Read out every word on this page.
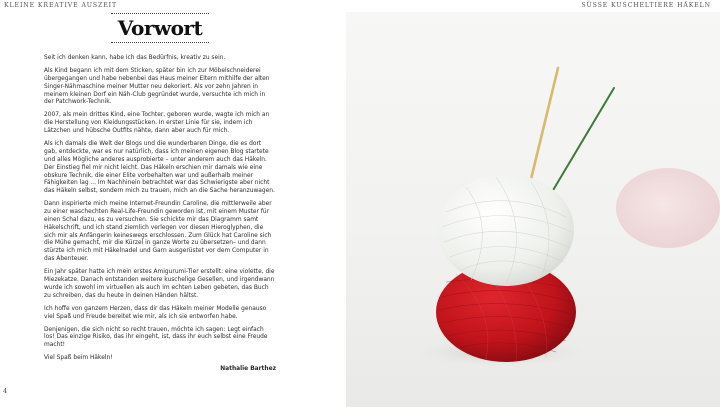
KLEINE KREATIVE AUSZEIT	SÜSSE KUSCHELTIERE HÄKELN
Vorwort

Seit ich denken kann, habe ich das Bedürfnis, kreativ zu sein.

Als Kind begann ich mit dem Sticken, später bin ich zur Möbelschneiderei übergegangen und habe nebenbei das Haus meiner Eltern mithilfe der alten Singer-Nähmaschine meiner Mutter neu dekoriert. Als vor zehn Jahren in meinem kleinen Dorf ein Näh-Club gegründet wurde, versuchte ich mich in der Patchwork-Technik.

2007, als mein drittes Kind, eine Tochter, geboren wurde, wagte ich mich an die Herstellung von Kleidungsstücken. In erster Linie für sie, indem ich Lätzchen und hübsche Outfits nähte, dann aber auch für mich.

Als ich damals die Welt der Blogs und die wunderbaren Dinge, die es dort gab, entdeckte, war es nur natürlich, dass ich meinen eigenen Blog startete und alles Mögliche anderes ausprobierte – unter anderem auch das Häkeln. Der Einstieg fiel mir nicht leicht. Das Häkeln erschien mir damals wie eine obskure Technik, die einer Elite vorbehalten war und außerhalb meiner Fähigkeiten lag ... Im Nachhinein betrachtet war das Schwierigste aber nicht das Häkeln selbst, sondern mich zu trauen, mich an die Sache heranzuwagen.

Dann inspirierte mich meine Internet-Freundin Caroline, die mittlerweile aber zu einer waschechten Real-Life-Freundin geworden ist, mit einem Muster für einen Schal dazu, es zu versuchen. Sie schickte mir das Diagramm samt Häkelschrift, und ich stand ziemlich verlegen vor diesen Hieroglyphen, die sich mir als Anfängerin keineswegs erschlossen. Zum Glück hat Caroline sich die Mühe gemacht, mir die Kürzel in ganze Worte zu übersetzen– und dann stürzte ich mich mit Häkelnadel und Garn ausgerüstet vor dem Computer in das Abenteuer.

Ein Jahr später hatte ich mein erstes Amigurumi-Tier erstellt: eine violette, die Miezekatze. Danach entstanden weitere kuschelige Gesellen, und irgendwann wurde ich sowohl im virtuellen als auch im echten Leben gebeten, das Buch zu schreiben, das du heute in deinen Händen hältst.

Ich hoffe von ganzem Herzen, dass dir das Häkeln meiner Modelle genauso viel Spaß und Freude bereitet wie mir, als ich sie entworfen habe.

Denjenigen, die sich nicht so recht trauen, möchte ich sagen: Legt einfach los! Das einzige Risiko, das ihr eingeht, ist, dass ihr euch selbst eine Freude macht!

Viel Spaß beim Häkeln!

Nathalie Barthez
4
